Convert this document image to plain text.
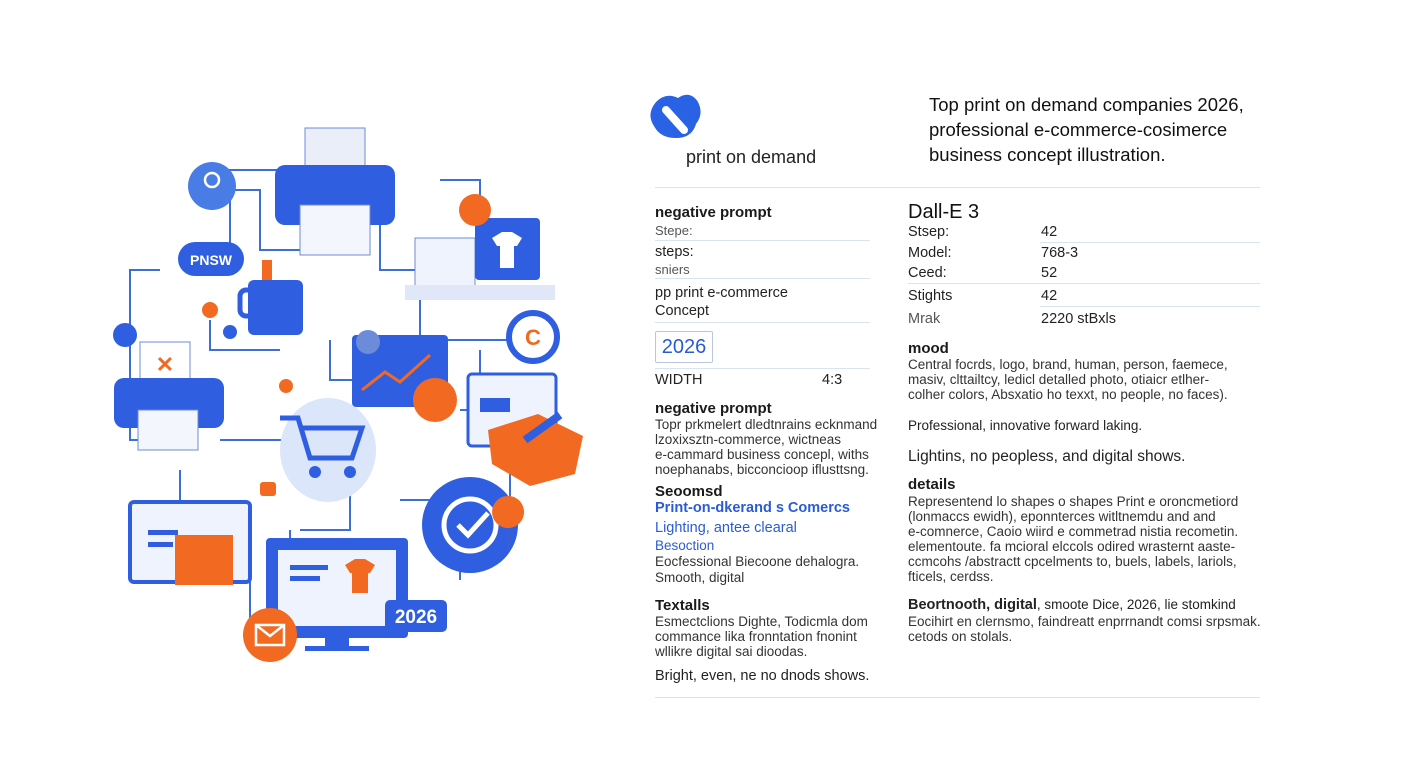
PNSW
✕
C
2026
print on demand
Top print on demand companies 2026,
professional e-commerce-cosimerce
business concept illustration.
negative prompt
Stepe:
steps:
sniers
pp print e-commerce
Concept
2026
WIDTH	4:3
negative prompt
Topr prkmelert dledtnrains ecknmand
lzoxixsztn-commerce, wictneas
e-cammard business concepl, withs
noephanabs, bicconcioop iflusttsng.
Seoomsd
Print-on-dkerand s Comercs
Lighting, antee clearal
Besoction
Eocfessional Biecoone dehalogra.
Smooth, digital
Textalls
Esmectclions Dighte, Todicmla dom
commance lika fronntation fnonint
wllikre digital sai dioodas.
Bright, even, ne no dnods shows.
Dall-E 3
Stsep:	42
Model:	768-3
Ceed:	52
Stights	42
Mrak	2220 stBxls
mood
Central focrds, logo, brand, human, person, faemece,
masiv, clttailtcy, ledicl detalled photo, otiaicr etlher-
colher colors, Absxatio ho texxt, no people, no faces).
Professional, innovative forward laking.
Lightins, no peopless, and digital shows.
details
Representend lo shapes o shapes Print e oroncmetiord
(lonmaccs ewidh), eponnterces witltnemdu and and
e-comnerce, Caoio wiird e commetrad nistia recometin.
elementoute. fa mcioral elccols odired wrasternt aaste-
ccmcohs /abstractt cpcelments to, buels, labels, lariols,
fticels, cerdss.
Beortnooth, digital, smoote Dice, 2026, lie stomkind
Eocihirt en clernsmo, faindreatt enprrnandt comsi srpsmak.
cetods on stolals.
